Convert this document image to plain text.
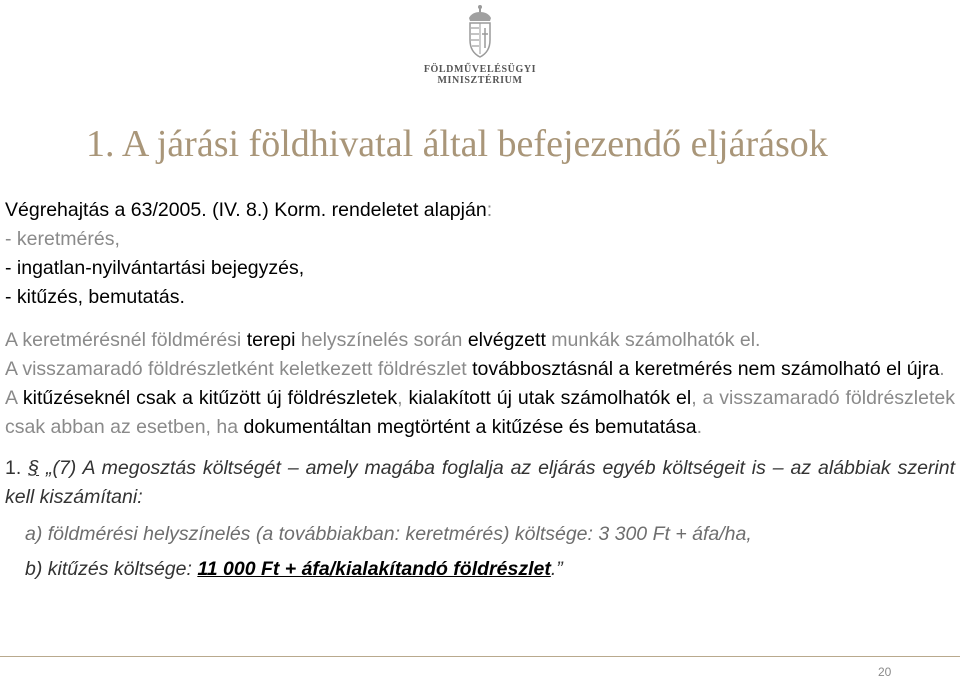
FÖLDMŰVELÉSÜGYI
MINISZTÉRIUM
1. A járási földhivatal által befejezendő eljárások

Végrehajtás a 63/2005. (IV. 8.) Korm. rendeletet alapján:

- keretmérés,

- ingatlan-nyilvántartási bejegyzés,

- kitűzés, bemutatás.

A keretmérésnél földmérési terepi helyszínelés során elvégzett munkák számolhatók el.

A visszamaradó földrészletként keletkezett földrészlet továbbosztásnál a keretmérés nem számolható el újra.

A kitűzéseknél csak a kitűzött új földrészletek, kialakított új utak számolhatók el, a visszamaradó földrészletek csak abban az esetben, ha dokumentáltan megtörtént a kitűzése és bemutatása.

1. § „(7) A megosztás költségét – amely magába foglalja az eljárás egyéb költségeit is – az alábbiak szerint kell kiszámítani:

a) földmérési helyszínelés (a továbbiakban: keretmérés) költsége: 3 300 Ft + áfa/ha,

b) kitűzés költsége: 11 000 Ft + áfa/kialakítandó földrészlet.”

20
